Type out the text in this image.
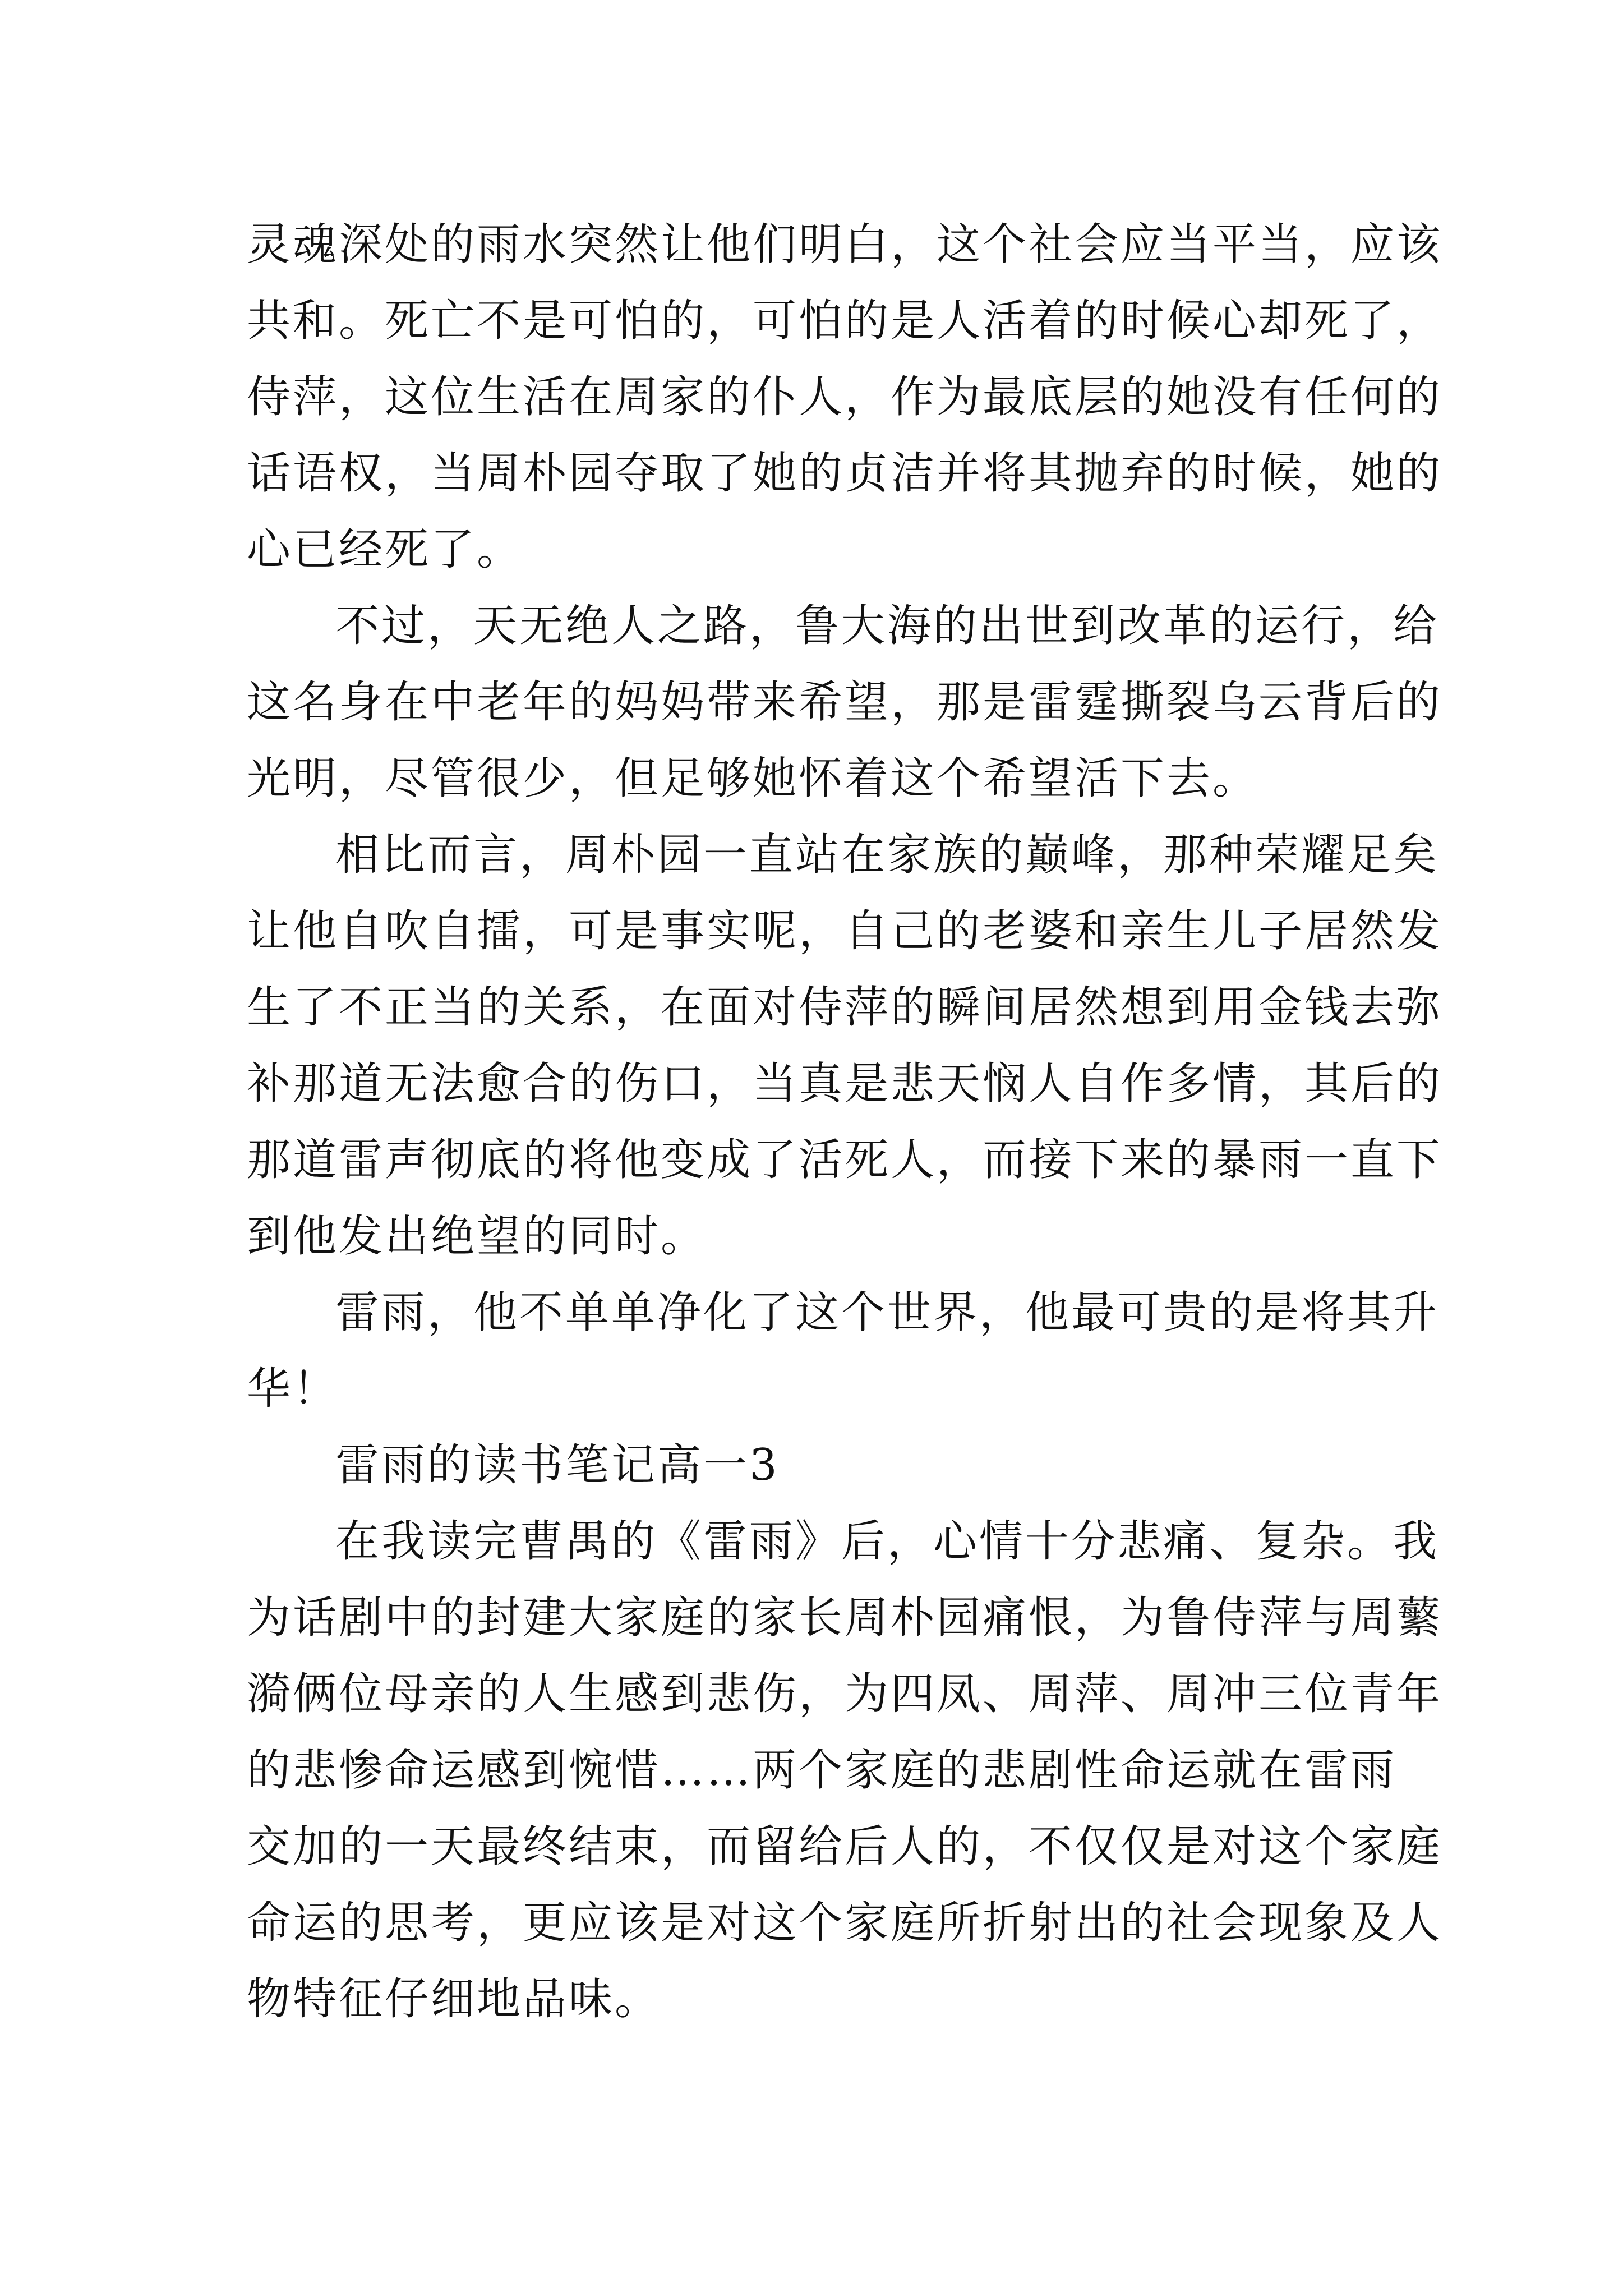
灵魂深处的雨水突然让他们明白，这个社会应当平当，应该
共和。死亡不是可怕的，可怕的是人活着的时候心却死了，
侍萍，这位生活在周家的仆人，作为最底层的她没有任何的
话语权，当周朴园夺取了她的贞洁并将其抛弃的时候，她的
心已经死了。
不过，天无绝人之路，鲁大海的出世到改革的运行，给
这名身在中老年的妈妈带来希望，那是雷霆撕裂乌云背后的
光明，尽管很少，但足够她怀着这个希望活下去。
相比而言，周朴园一直站在家族的巅峰，那种荣耀足矣
让他自吹自擂，可是事实呢，自己的老婆和亲生儿子居然发
生了不正当的关系，在面对侍萍的瞬间居然想到用金钱去弥
补那道无法愈合的伤口，当真是悲天悯人自作多情，其后的
那道雷声彻底的将他变成了活死人，而接下来的暴雨一直下
到他发出绝望的同时。
雷雨，他不单单净化了这个世界，他最可贵的是将其升
华！
雷雨的读书笔记高一3
在我读完曹禺的《雷雨》后，心情十分悲痛、复杂。我
为话剧中的封建大家庭的家长周朴园痛恨，为鲁侍萍与周蘩
漪俩位母亲的人生感到悲伤，为四凤、周萍、周冲三位青年
的悲惨命运感到惋惜……两个家庭的悲剧性命运就在雷雨
交加的一天最终结束，而留给后人的，不仅仅是对这个家庭
命运的思考，更应该是对这个家庭所折射出的社会现象及人
物特征仔细地品味。
